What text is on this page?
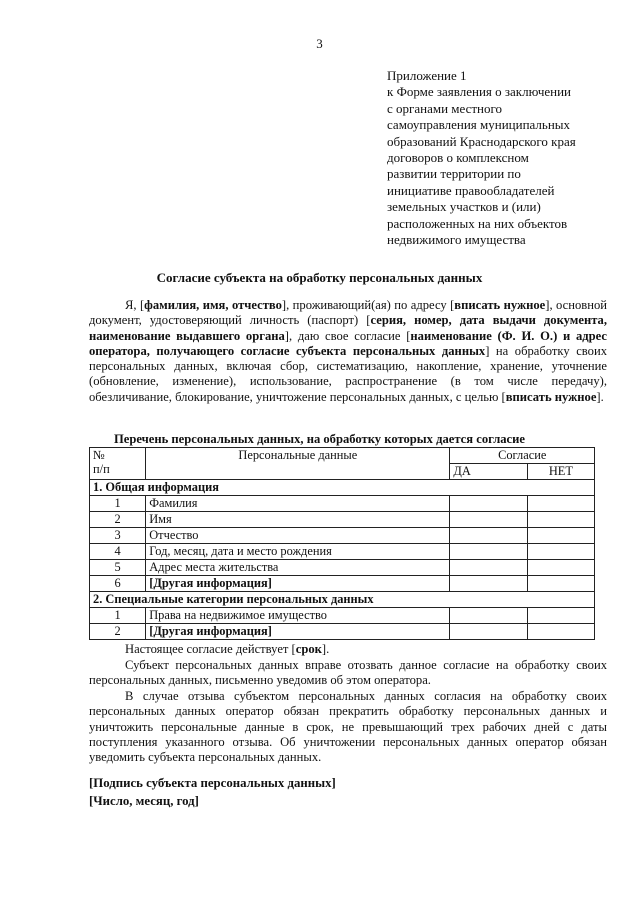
3
Приложение 1
к Форме заявления о заключении
с органами местного
самоуправления муниципальных
образований Краснодарского края
договоров о комплексном
развитии территории по
инициативе правообладателей
земельных участков и (или)
расположенных на них объектов
недвижимого имущества
Согласие субъекта на обработку персональных данных
Я, [фамилия, имя, отчество], проживающий(ая) по адресу [вписать нужное], основной документ, удостоверяющий личность (паспорт) [серия, номер, дата выдачи документа, наименование выдавшего органа], даю свое согласие [наименование (Ф. И. О.) и адрес оператора, получающего согласие субъекта персональных данных] на обработку своих персональных данных, включая сбор, систематизацию, накопление, хранение, уточнение (обновление, изменение), использование, распространение (в том числе передачу), обезличивание, блокирование, уничтожение персональных данных, с целью [вписать нужное].
Перечень персональных данных, на обработку которых дается согласие
№
п/п	Персональные данные	Согласие	
		ДА	НЕТ
1. Общая информация			
1	Фамилия		
2	Имя		
3	Отчество		
4	Год, месяц, дата и место рождения		
5	Адрес места жительства		
6	[Другая информация]		
2. Специальные категории персональных данных			
1	Права на недвижимое имущество		
2	[Другая информация]		
Настоящее согласие действует [срок].
Субъект персональных данных вправе отозвать данное согласие на обработку своих персональных данных, письменно уведомив об этом оператора.
В случае отзыва субъектом персональных данных согласия на обработку своих персональных данных оператор обязан прекратить обработку персональных данных и уничтожить персональные данные в срок, не превышающий трех рабочих дней с даты поступления указанного отзыва. Об уничтожении персональных данных оператор обязан уведомить субъекта персональных данных.
[Подпись субъекта персональных данных]
[Число, месяц, год]
